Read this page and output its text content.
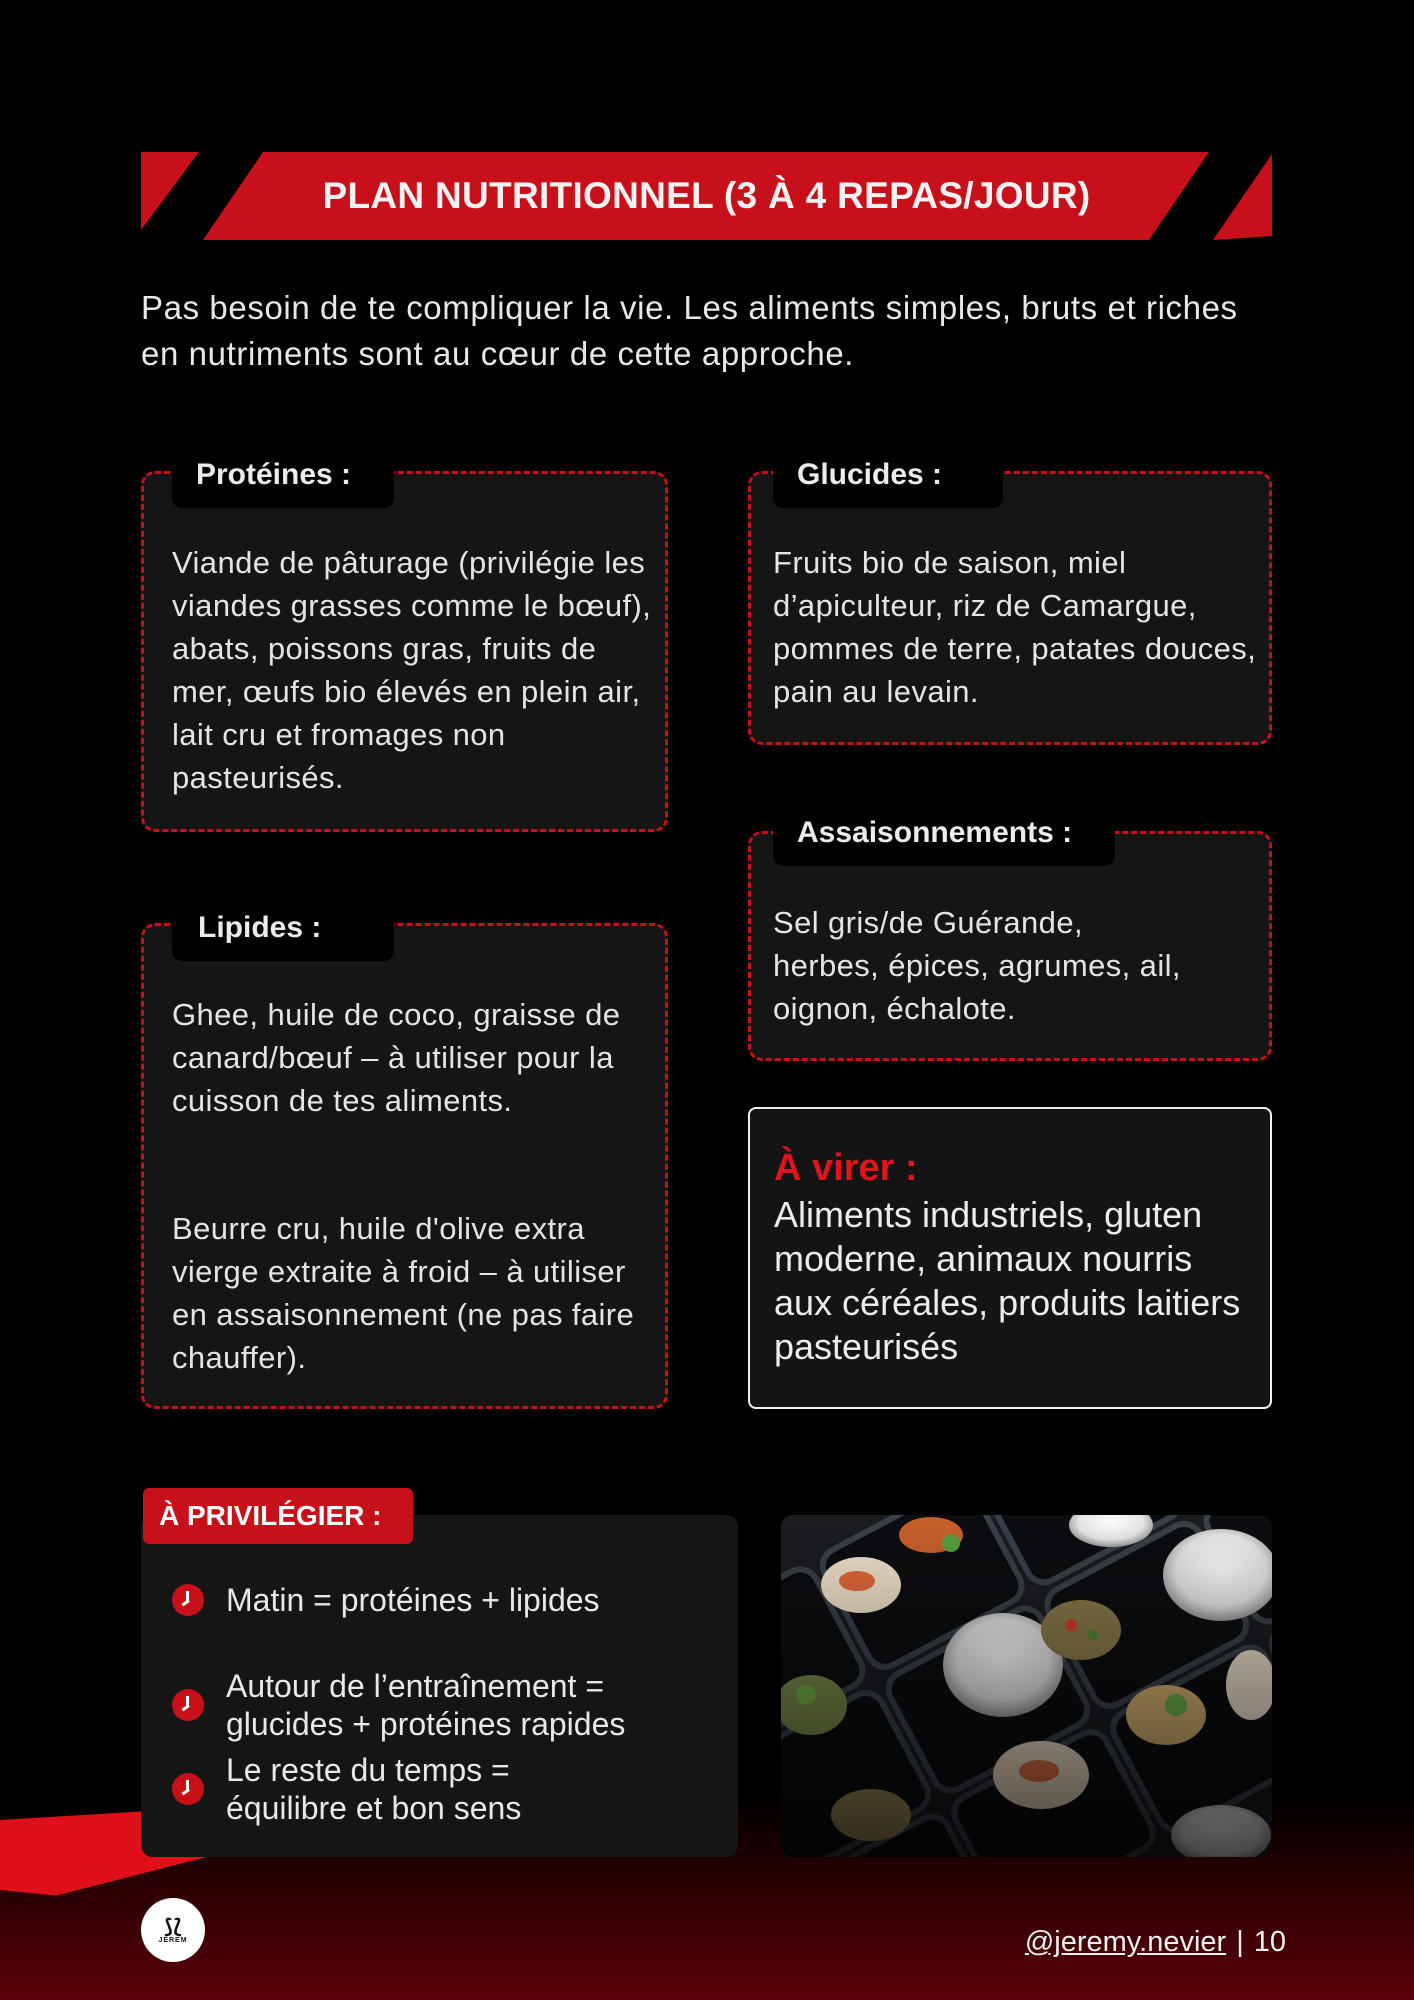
PLAN NUTRITIONNEL (3 À 4 REPAS/JOUR)
Pas besoin de te compliquer la vie. Les aliments simples, bruts et riches en nutriments sont au cœur de cette approche.
Protéines :
Viande de pâturage (privilégie les viandes grasses comme le bœuf), abats, poissons gras, fruits de mer, œufs bio élevés en plein air, lait cru et fromages non pasteurisés.
Glucides :
Fruits bio de saison, miel d’apiculteur, riz de Camargue, pommes de terre, patates douces, pain au levain.
Assaisonnements :
Sel gris/de Guérande, herbes, épices, agrumes, ail, oignon, échalote.
Lipides :
Ghee, huile de coco, graisse de canard/bœuf – à utiliser pour la cuisson de tes aliments.
Beurre cru, huile d'olive extra vierge extraite à froid – à utiliser en assaisonnement (ne pas faire chauffer).
À virer :
Aliments industriels, gluten moderne, animaux nourris aux céréales, produits laitiers pasteurisés
À PRIVILÉGIER :
Matin = protéines + lipides
Autour de l’entraînement = glucides + protéines rapides
Le reste du temps = équilibre et bon sens
⟆⟅
JEREM	@jeremy.nevier | 10
